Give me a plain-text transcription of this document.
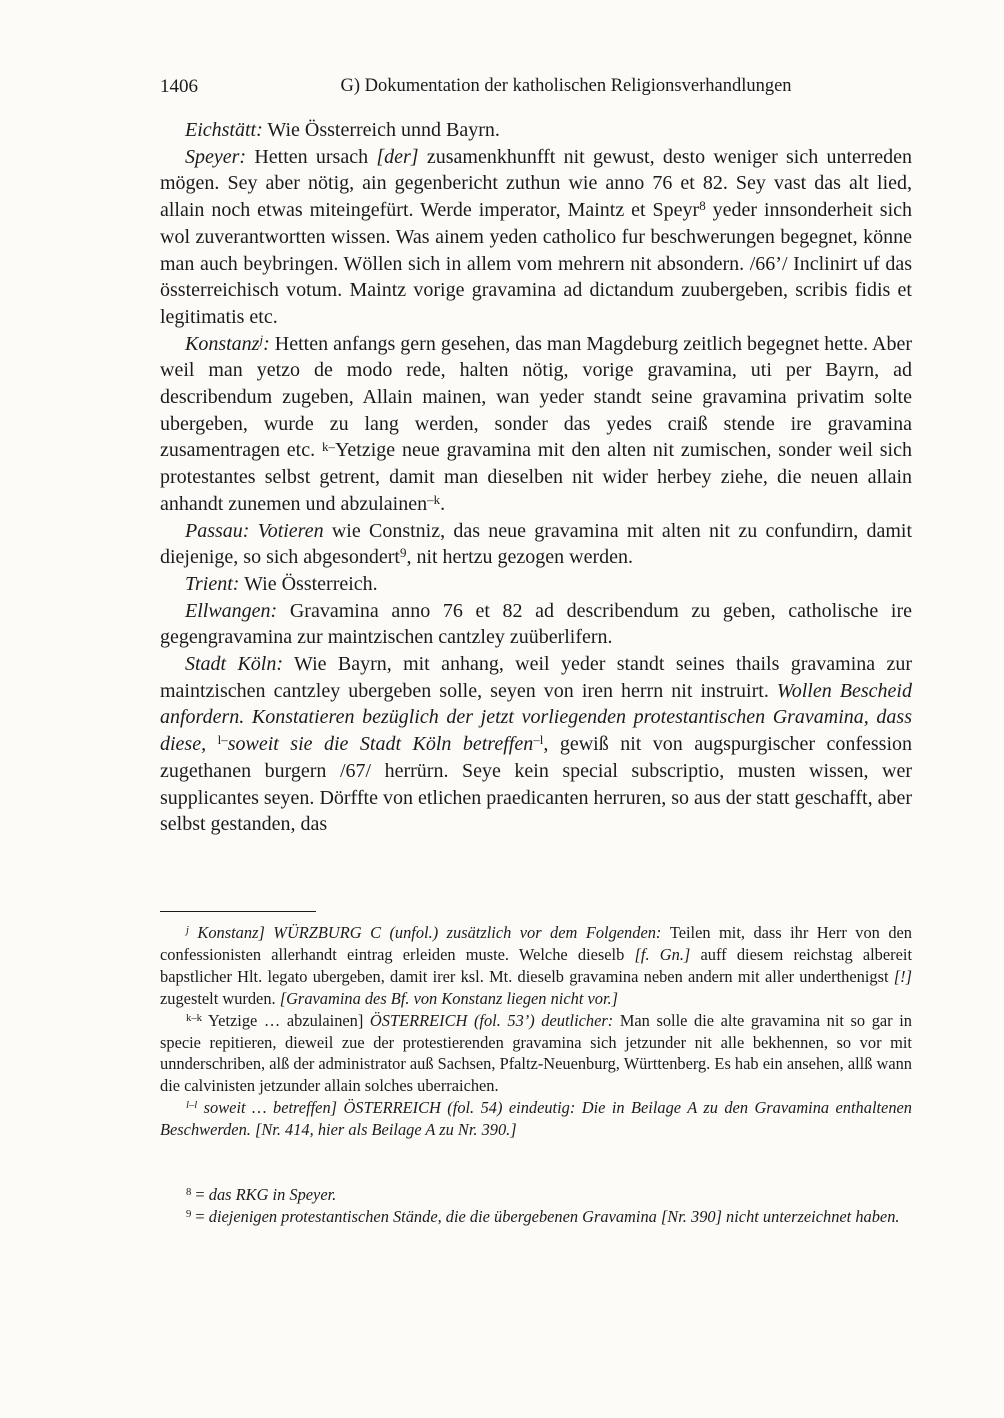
1406	G) Dokumentation der katholischen Religionsverhandlungen

Eichstätt: Wie Össterreich unnd Bayrn.

Speyer: Hetten ursach [der] zusamenkhunfft nit gewust, desto weniger sich unterreden mögen. Sey aber nötig, ain gegenbericht zuthun wie anno 76 et 82. Sey vast das alt lied, allain noch etwas miteingefürt. Werde imperator, Maintz et Speyr$^8$ yeder innsonderheit sich wol zuverantwortten wissen. Was ainem yeden catholico fur beschwerungen begegnet, könne man auch beybringen. Wöllen sich in allem vom mehrern nit absondern. /66’/ Inclinirt uf das össterreichisch votum. Maintz vorige gravamina ad dictandum zuubergeben, scribis fidis et legitimatis etc.

Konstanz$^j$: Hetten anfangs gern gesehen, das man Magdeburg zeitlich begegnet hette. Aber weil man yetzo de modo rede, halten nötig, vorige gravamina, uti per Bayrn, ad describendum zugeben, Allain mainen, wan yeder standt seine gravamina privatim solte ubergeben, wurde zu lang werden, sonder das yedes craiß stende ire gravamina zusamentragen etc. $^{k-}$Yetzige neue gravamina mit den alten nit zumischen, sonder weil sich protestantes selbst getrent, damit man dieselben nit wider herbey ziehe, die neuen allain anhandt zunemen und abzulainen$^{-k}$.

Passau: Votieren wie Constniz, das neue gravamina mit alten nit zu confundirn, damit diejenige, so sich abgesondert$^9$, nit hertzu gezogen werden.

Trient: Wie Össterreich.

Ellwangen: Gravamina anno 76 et 82 ad describendum zu geben, catholische ire gegengravamina zur maintzischen cantzley zuüberlifern.

Stadt Köln: Wie Bayrn, mit anhang, weil yeder standt seines thails gravamina zur maintzischen cantzley ubergeben solle, seyen von iren herrn nit instruirt. Wollen Bescheid anfordern. Konstatieren bezüglich der jetzt vorliegenden protestantischen Gravamina, dass diese, $^{l-}$soweit sie die Stadt Köln betreffen$^{-l}$, gewiß nit von augspurgischer confession zugethanen burgern /67/ herrürn. Seye kein special subscriptio, musten wissen, wer supplicantes seyen. Dörffte von etlichen praedicanten herruren, so aus der statt geschafft, aber selbst gestanden, das

$^j$ Konstanz] WÜRZBURG C (unfol.) zusätzlich vor dem Folgenden: Teilen mit, dass ihr Herr von den confessionisten allerhandt eintrag erleiden muste. Welche dieselb [f. Gn.] auff diesem reichstag albereit bapstlicher Hlt. legato ubergeben, damit irer ksl. Mt. dieselb gravamina neben andern mit aller underthenigst [!] zugestelt wurden. [Gravamina des Bf. von Konstanz liegen nicht vor.]

$^{k-k}$ Yetzige … abzulainen] ÖSTERREICH (fol. 53’) deutlicher: Man solle die alte gravamina nit so gar in specie repitieren, dieweil zue der protestierenden gravamina sich jetzunder nit alle bekhennen, so vor mit unnderschriben, alß der administrator auß Sachsen, Pfaltz-Neuenburg, Württenberg. Es hab ein ansehen, allß wann die calvinisten jetzunder allain solches uberraichen.

$^{l-l}$ soweit … betreffen] ÖSTERREICH (fol. 54) eindeutig: Die in Beilage A zu den Gravamina enthaltenen Beschwerden. [Nr. 414, hier als Beilage A zu Nr. 390.]

$^8$ = das RKG in Speyer.

$^9$ = diejenigen protestantischen Stände, die die übergebenen Gravamina [Nr. 390] nicht unterzeichnet haben.
